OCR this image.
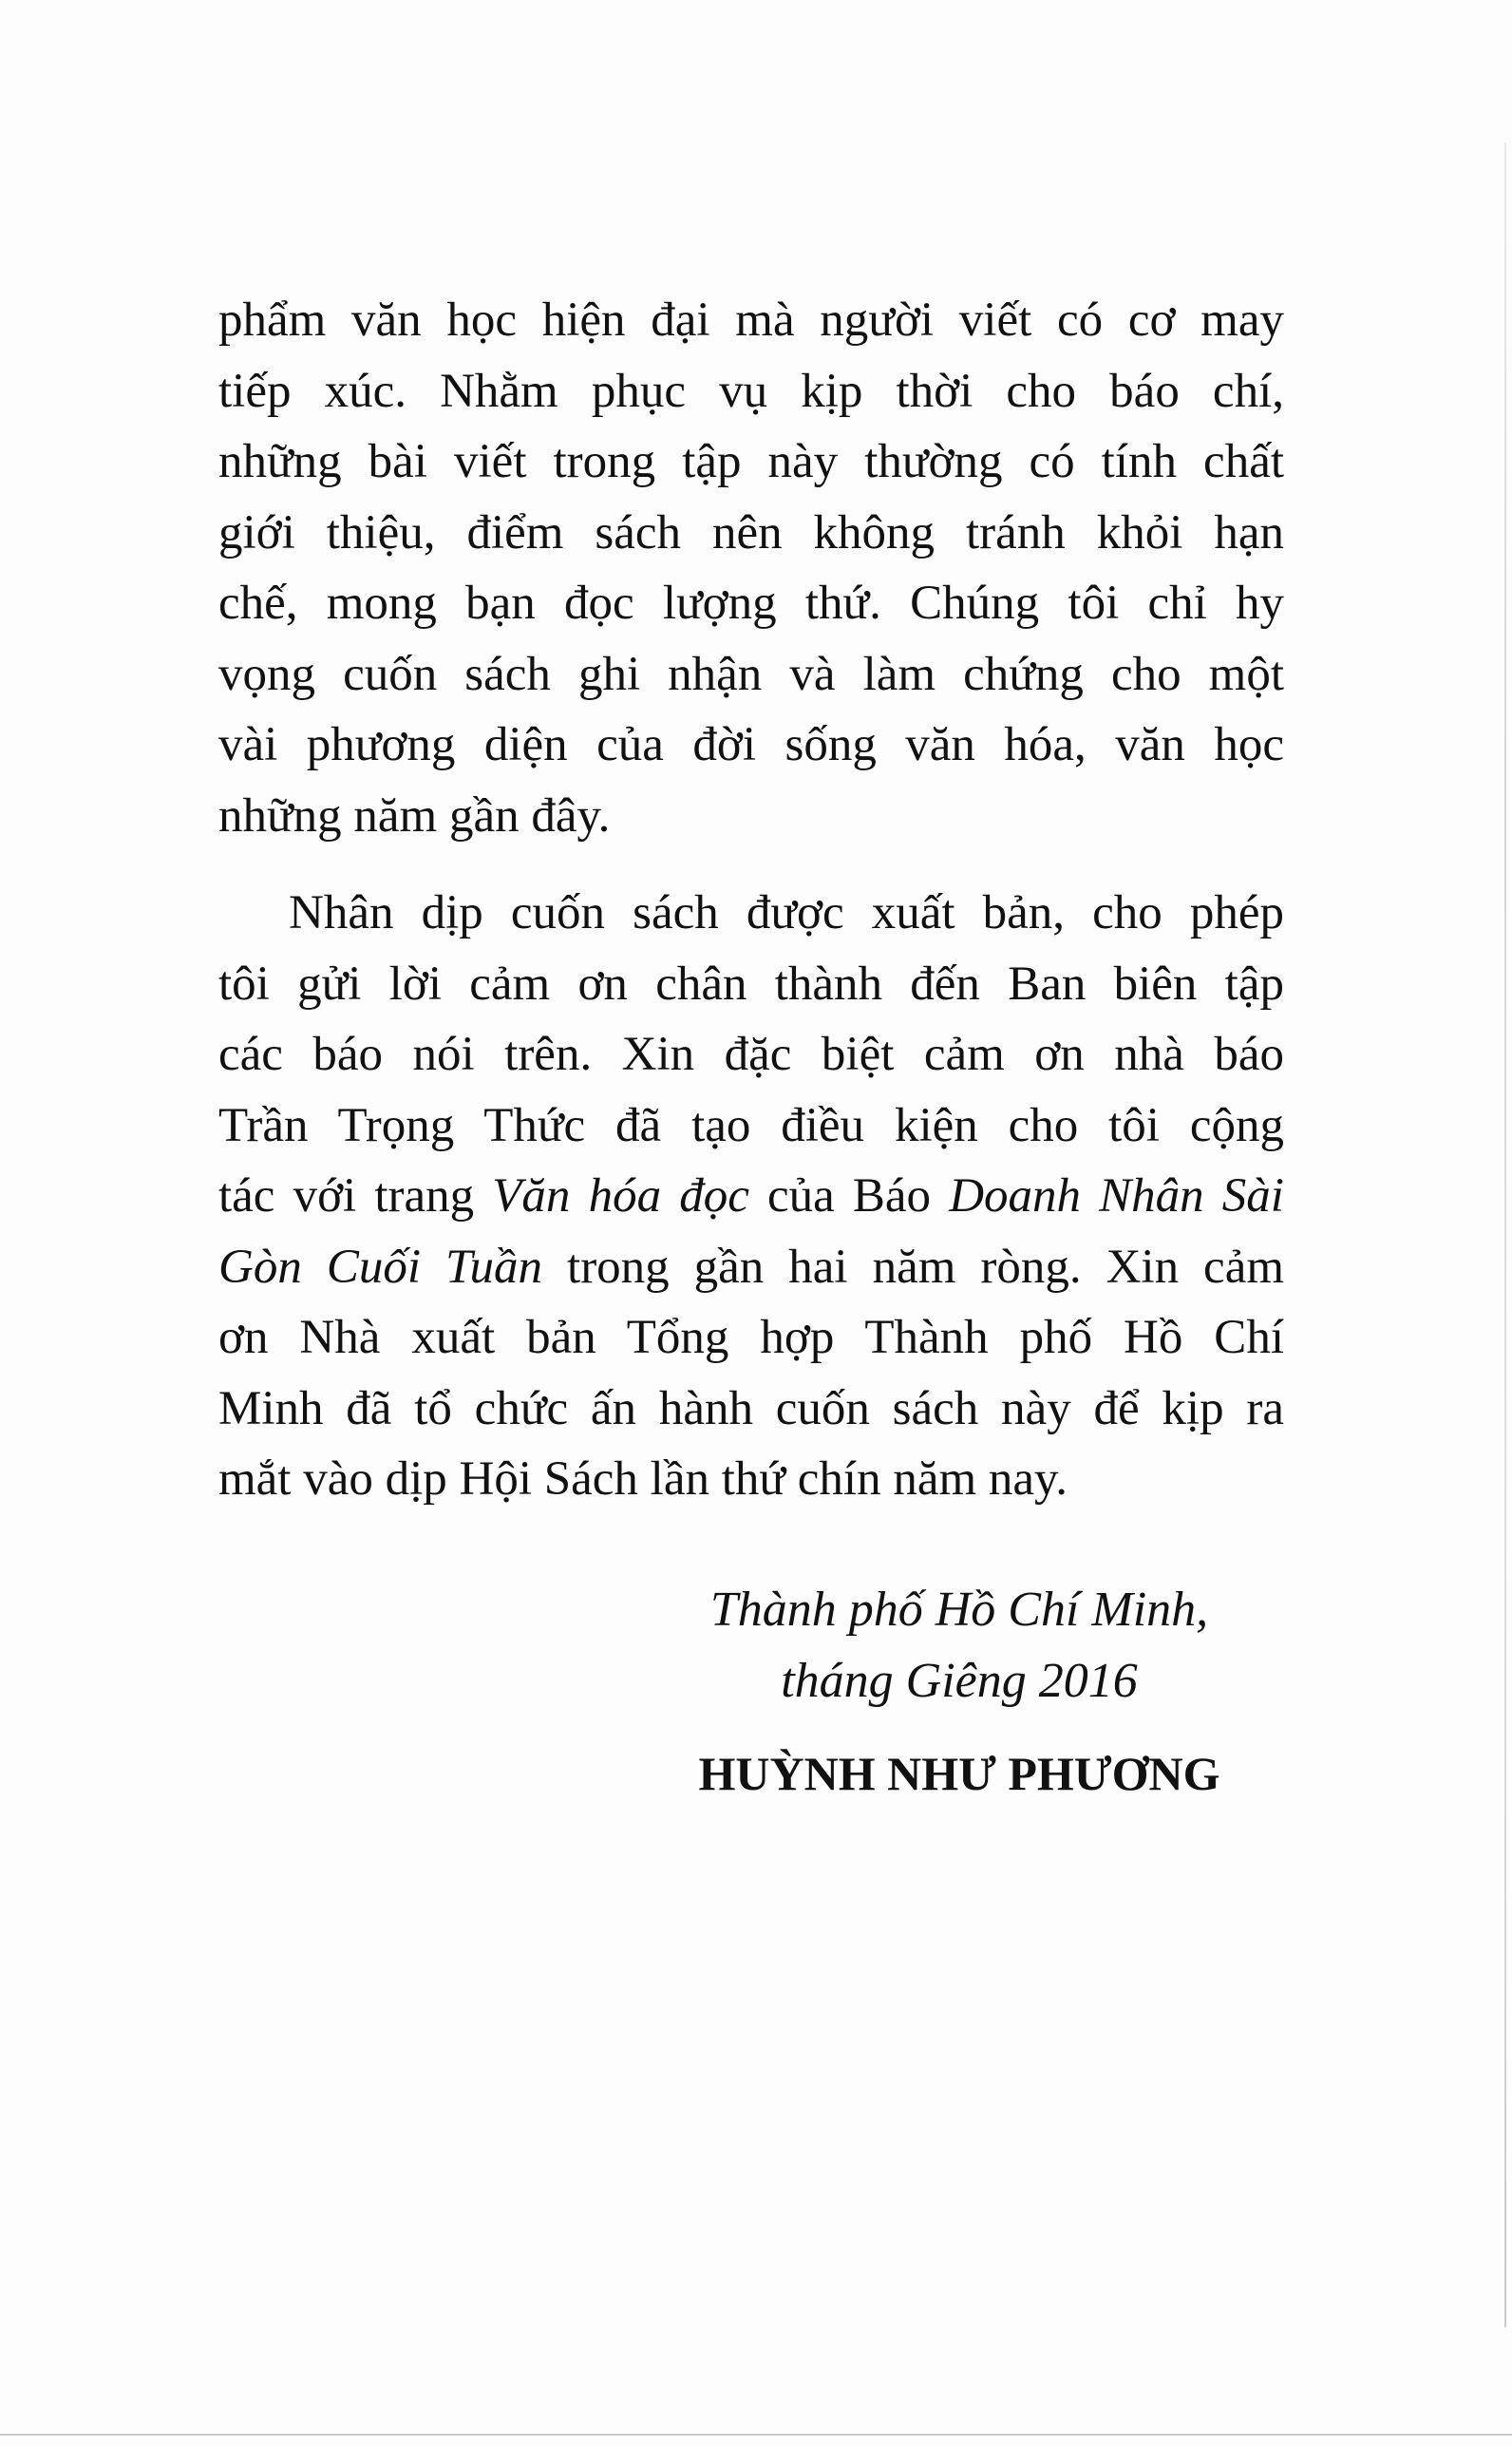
phẩm văn học hiện đại mà người viết có cơ may
tiếp xúc. Nhằm phục vụ kịp thời cho báo chí,
những bài viết trong tập này thường có tính chất
giới thiệu, điểm sách nên không tránh khỏi hạn
chế, mong bạn đọc lượng thứ. Chúng tôi chỉ hy
vọng cuốn sách ghi nhận và làm chứng cho một
vài phương diện của đời sống văn hóa, văn học
những năm gần đây.
Nhân dịp cuốn sách được xuất bản, cho phép
tôi gửi lời cảm ơn chân thành đến Ban biên tập
các báo nói trên. Xin đặc biệt cảm ơn nhà báo
Trần Trọng Thức đã tạo điều kiện cho tôi cộng
tác với trang Văn hóa đọc của Báo Doanh Nhân Sài
Gòn Cuối Tuần trong gần hai năm ròng. Xin cảm
ơn Nhà xuất bản Tổng hợp Thành phố Hồ Chí
Minh đã tổ chức ấn hành cuốn sách này để kịp ra
mắt vào dịp Hội Sách lần thứ chín năm nay.
Thành phố Hồ Chí Minh,
tháng Giêng 2016
HUỲNH NHƯ PHƯƠNG
